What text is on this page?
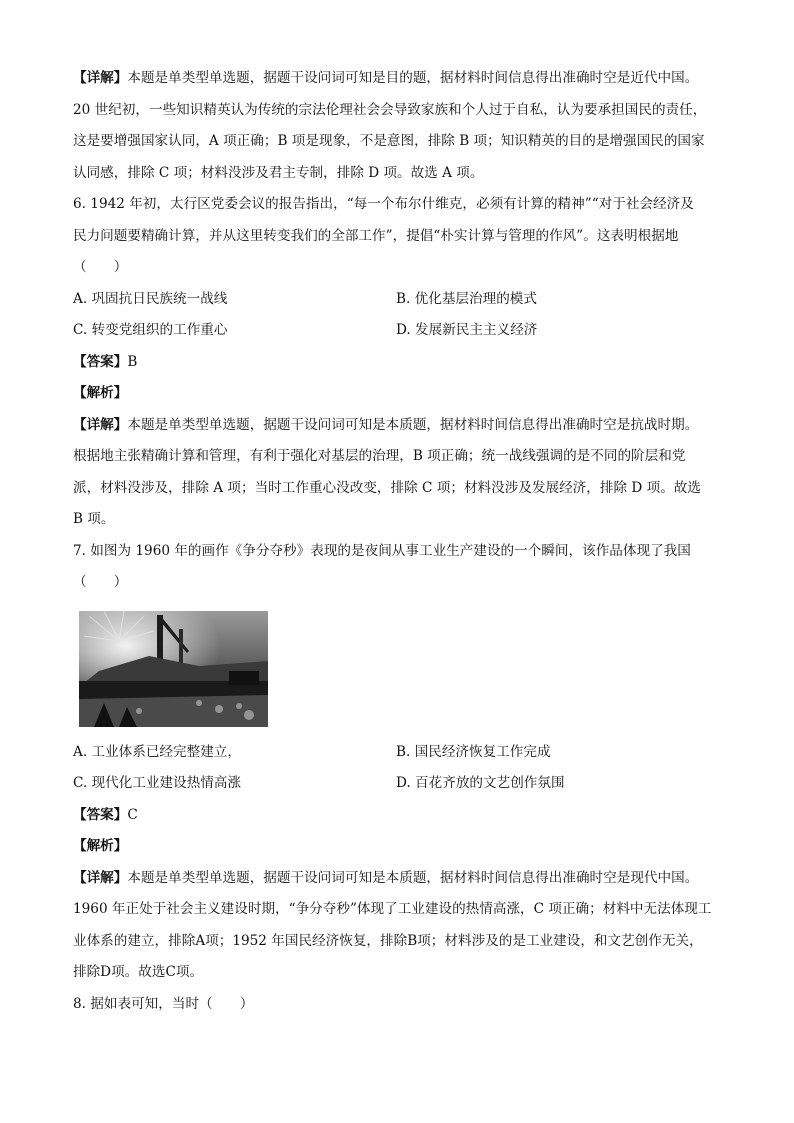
【详解】本题是单类型单选题，据题干设问词可知是目的题，据材料时间信息得出准确时空是近代中国。
20 世纪初，一些知识精英认为传统的宗法伦理社会会导致家族和个人过于自私，认为要承担国民的责任，
这是要增强国家认同，A 项正确；B 项是现象，不是意图，排除 B 项；知识精英的目的是增强国民的国家
认同感，排除 C 项；材料没涉及君主专制，排除 D 项。故选 A 项。
6. 1942 年初，太行区党委会议的报告指出，“每一个布尔什维克，必须有计算的精神”“对于社会经济及
民力问题要精确计算，并从这里转变我们的全部工作”，提倡“朴实计算与管理的作风”。这表明根据地
（　　）
A. 巩固抗日民族统一战线	B. 优化基层治理的模式
C. 转变党组织的工作重心	D. 发展新民主主义经济
【答案】B
【解析】
【详解】本题是单类型单选题，据题干设问词可知是本质题，据材料时间信息得出准确时空是抗战时期。
根据地主张精确计算和管理，有利于强化对基层的治理，B 项正确；统一战线强调的是不同的阶层和党
派，材料没涉及，排除 A 项；当时工作重心没改变，排除 C 项；材料没涉及发展经济，排除 D 项。故选
B 项。
7. 如图为 1960 年的画作《争分夺秒》表现的是夜间从事工业生产建设的一个瞬间，该作品体现了我国
（　　）
A. 工业体系已经完整建立，	B. 国民经济恢复工作完成
C. 现代化工业建设热情高涨	D. 百花齐放的文艺创作氛围
【答案】C
【解析】
【详解】本题是单类型单选题，据题干设问词可知是本质题，据材料时间信息得出准确时空是现代中国。
1960 年正处于社会主义建设时期，“争分夺秒”体现了工业建设的热情高涨，C 项正确；材料中无法体现工
业体系的建立，排除A项；1952 年国民经济恢复，排除B项；材料涉及的是工业建设，和文艺创作无关，
排除D项。故选C项。
8. 据如表可知，当时（　　）
